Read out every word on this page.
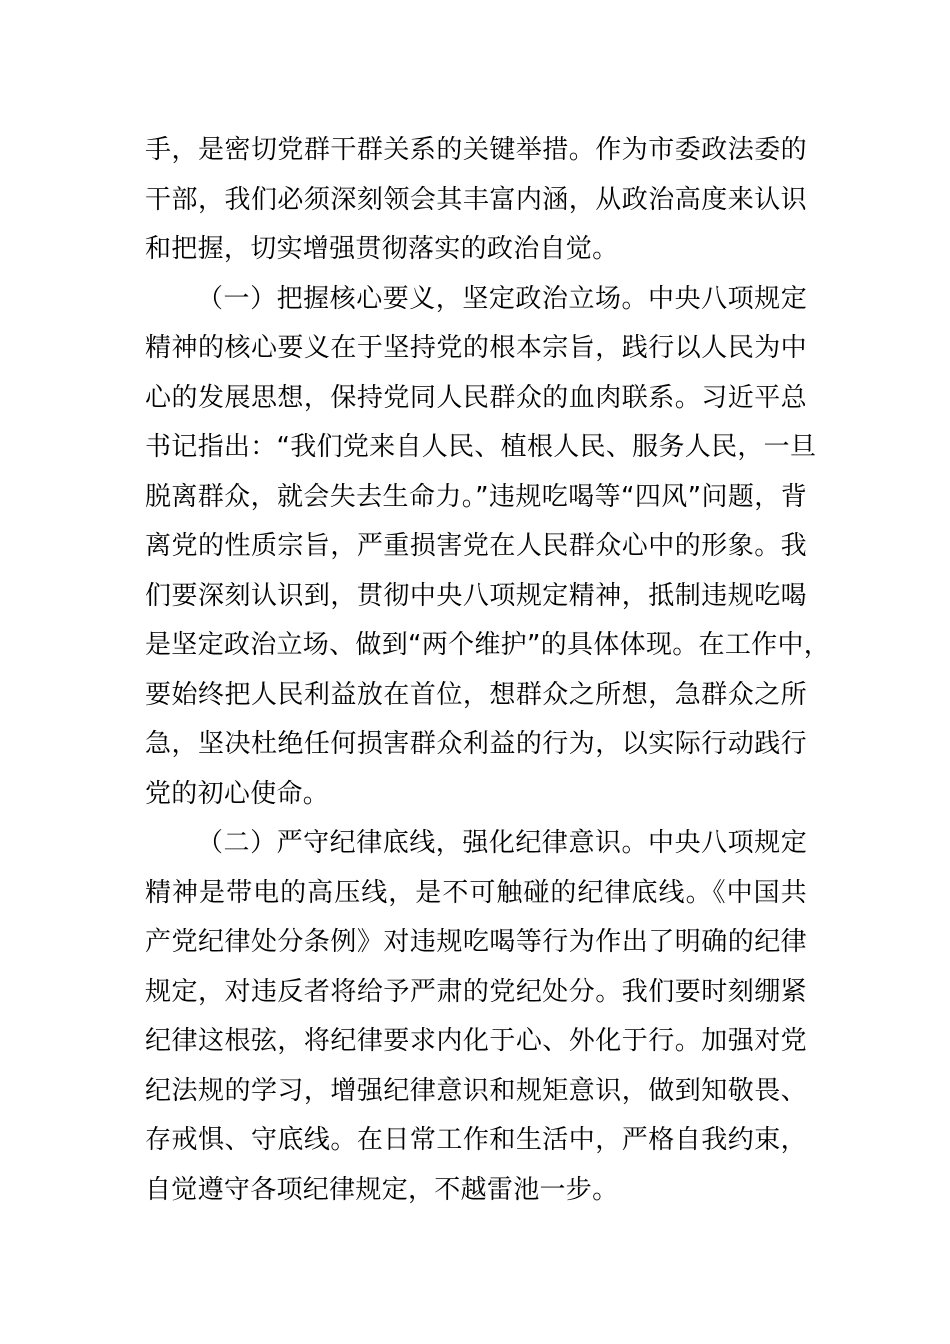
手，是密切党群干群关系的关键举措。作为市委政法委的
干部，我们必须深刻领会其丰富内涵，从政治高度来认识
和把握，切实增强贯彻落实的政治自觉。
（一）把握核心要义，坚定政治立场。中央八项规定
精神的核心要义在于坚持党的根本宗旨，践行以人民为中
心的发展思想，保持党同人民群众的血肉联系。习近平总
书记指出：“我们党来自人民、植根人民、服务人民，一旦
脱离群众，就会失去生命力。”违规吃喝等“四风”问题，背
离党的性质宗旨，严重损害党在人民群众心中的形象。我
们要深刻认识到，贯彻中央八项规定精神，抵制违规吃喝
是坚定政治立场、做到“两个维护”的具体体现。在工作中，
要始终把人民利益放在首位，想群众之所想，急群众之所
急，坚决杜绝任何损害群众利益的行为，以实际行动践行
党的初心使命。
（二）严守纪律底线，强化纪律意识。中央八项规定
精神是带电的高压线，是不可触碰的纪律底线。《中国共
产党纪律处分条例》对违规吃喝等行为作出了明确的纪律
规定，对违反者将给予严肃的党纪处分。我们要时刻绷紧
纪律这根弦，将纪律要求内化于心、外化于行。加强对党
纪法规的学习，增强纪律意识和规矩意识，做到知敬畏、
存戒惧、守底线。在日常工作和生活中，严格自我约束，
自觉遵守各项纪律规定，不越雷池一步。
